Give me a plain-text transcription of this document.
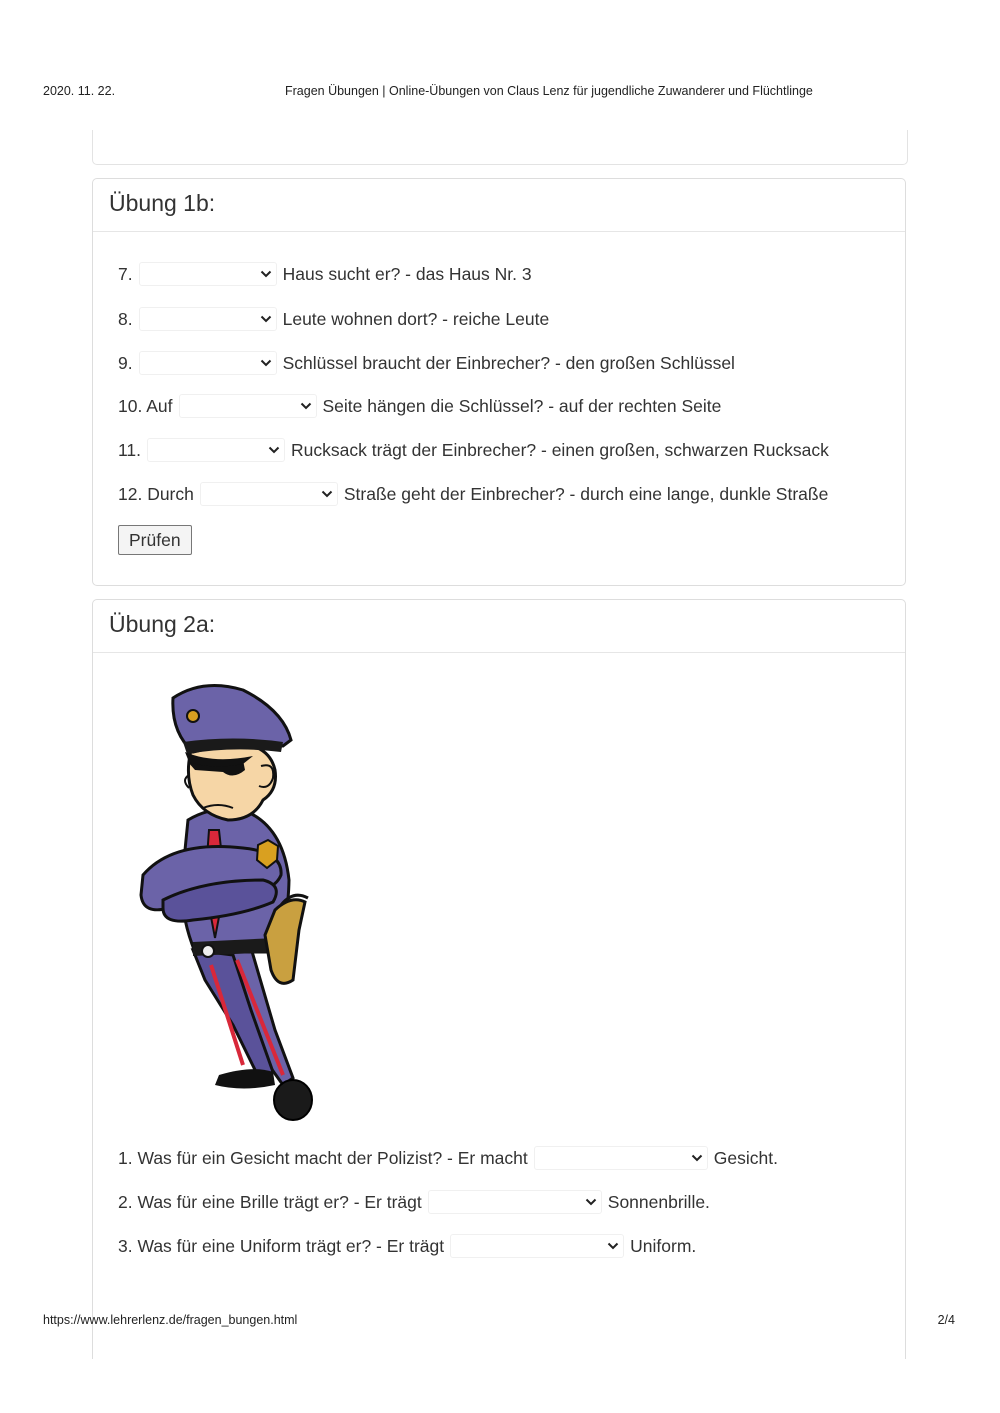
2020. 11. 22.	Fragen Übungen | Online-Übungen von Claus Lenz für jugendliche Zuwanderer und Flüchtlinge
Übung 1b:
7.	Haus sucht er? - das Haus Nr. 3
8.	Leute wohnen dort? - reiche Leute
9.	Schlüssel braucht der Einbrecher? - den großen Schlüssel
10. Auf	Seite hängen die Schlüssel? - auf der rechten Seite
11.	Rucksack trägt der Einbrecher? - einen großen, schwarzen Rucksack
12. Durch	Straße geht der Einbrecher? - durch eine lange, dunkle Straße
Prüfen
Übung 2a:
1. Was für ein Gesicht macht der Polizist? - Er macht	Gesicht.
2. Was für eine Brille trägt er? - Er trägt	Sonnenbrille.
3. Was für eine Uniform trägt er? - Er trägt	Uniform.
https://www.lehrerlenz.de/fragen_bungen.html	2/4
